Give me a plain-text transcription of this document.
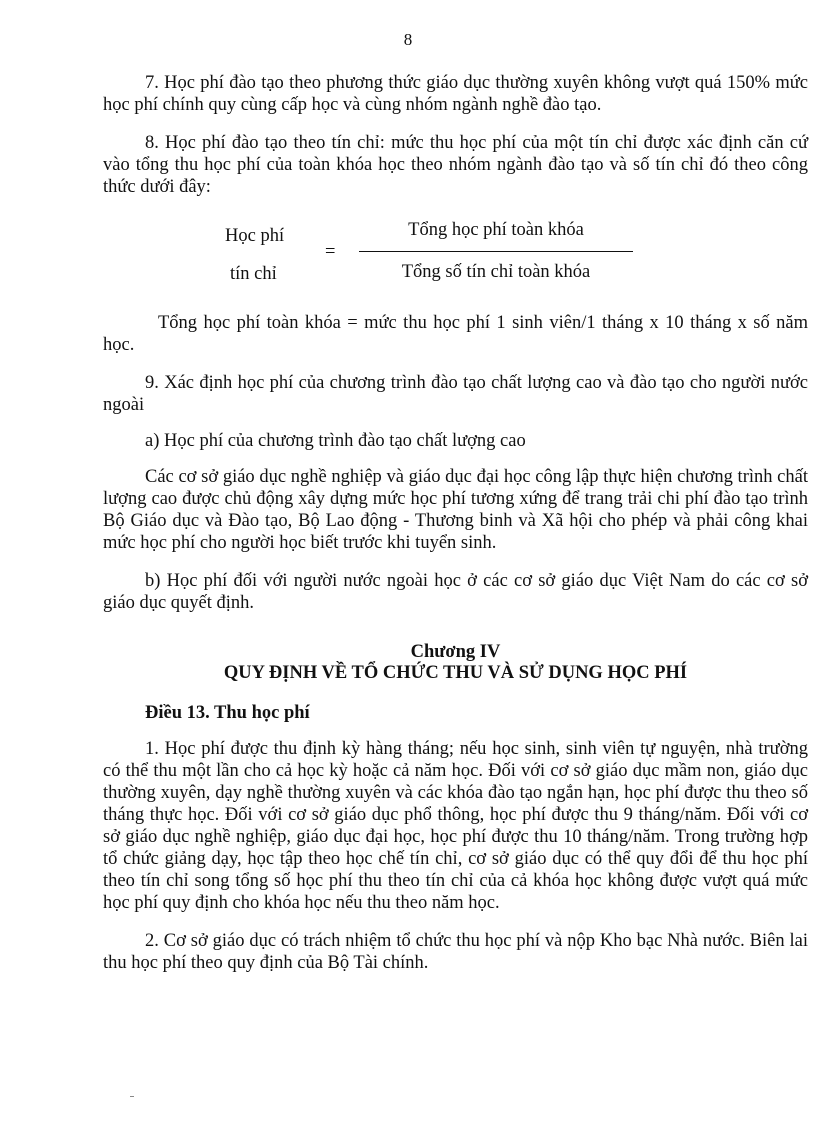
8

7. Học phí đào tạo theo phương thức giáo dục thường xuyên không vượt quá 150% mức học phí chính quy cùng cấp học và cùng nhóm ngành nghề đào tạo.

8. Học phí đào tạo theo tín chỉ: mức thu học phí của một tín chỉ được xác định căn cứ vào tổng thu học phí của toàn khóa học theo nhóm ngành đào tạo và số tín chỉ đó theo công thức dưới đây:

Học phí
tín chỉ
=
Tổng học phí toàn khóa
Tổng số tín chỉ toàn khóa

Tổng học phí toàn khóa = mức thu học phí 1 sinh viên/1 tháng x 10 tháng x số năm học.

9. Xác định học phí của chương trình đào tạo chất lượng cao và đào tạo cho người nước ngoài

a) Học phí của chương trình đào tạo chất lượng cao

Các cơ sở giáo dục nghề nghiệp và giáo dục đại học công lập thực hiện chương trình chất lượng cao được chủ động xây dựng mức học phí tương xứng để trang trải chi phí đào tạo trình Bộ Giáo dục và Đào tạo, Bộ Lao động - Thương binh và Xã hội cho phép và phải công khai mức học phí cho người học biết trước khi tuyển sinh.

b) Học phí đối với người nước ngoài học ở các cơ sở giáo dục Việt Nam do các cơ sở giáo dục quyết định.

Chương IV
QUY ĐỊNH VỀ TỔ CHỨC THU VÀ SỬ DỤNG HỌC PHÍ
Điều 13. Thu học phí

1. Học phí được thu định kỳ hàng tháng; nếu học sinh, sinh viên tự nguyện, nhà trường có thể thu một lần cho cả học kỳ hoặc cả năm học. Đối với cơ sở giáo dục mầm non, giáo dục thường xuyên, dạy nghề thường xuyên và các khóa đào tạo ngắn hạn, học phí được thu theo số tháng thực học. Đối với cơ sở giáo dục phổ thông, học phí được thu 9 tháng/năm. Đối với cơ sở giáo dục nghề nghiệp, giáo dục đại học, học phí được thu 10 tháng/năm. Trong trường hợp tổ chức giảng dạy, học tập theo học chế tín chỉ, cơ sở giáo dục có thể quy đổi để thu học phí theo tín chỉ song tổng số học phí thu theo tín chỉ của cả khóa học không được vượt quá mức học phí quy định cho khóa học nếu thu theo năm học.

2. Cơ sở giáo dục có trách nhiệm tổ chức thu học phí và nộp Kho bạc Nhà nước. Biên lai thu học phí theo quy định của Bộ Tài chính.
